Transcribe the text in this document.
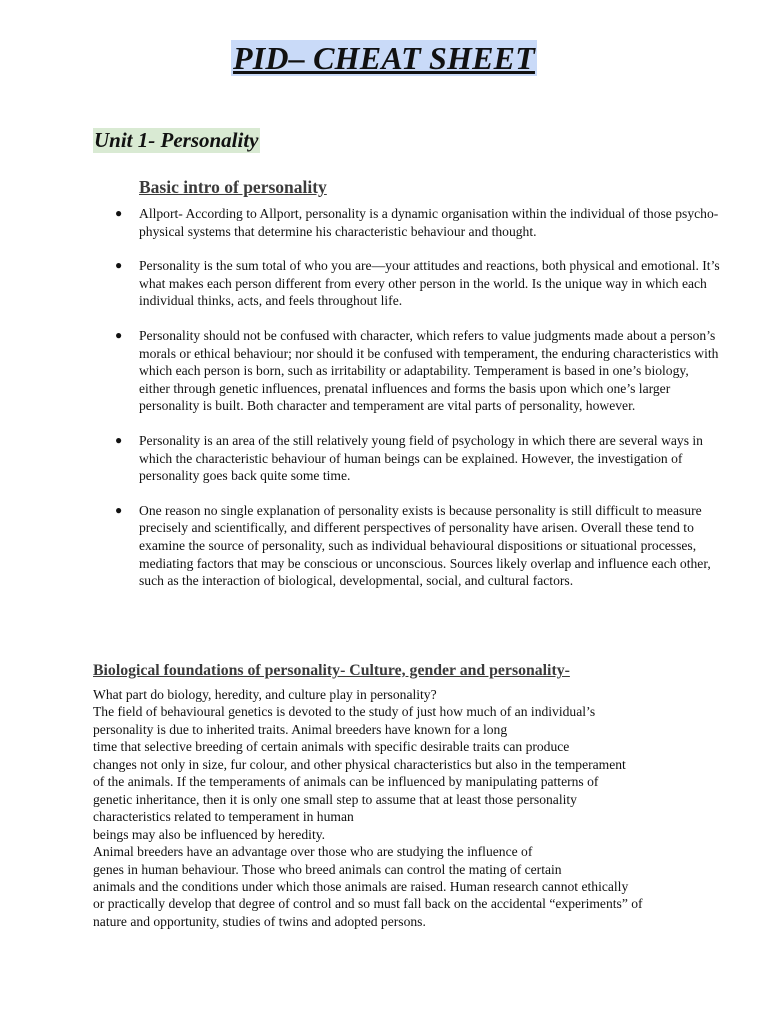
PID– CHEAT SHEET
Unit 1- Personality
Basic intro of personality
● Allport- According to Allport, personality is a dynamic organisation within the individual of those psycho-physical systems that determine his characteristic behaviour and thought.
● Personality is the sum total of who you are—your attitudes and reactions, both physical and emotional. It’s what makes each person different from every other person in the world. Is the unique way in which each individual thinks, acts, and feels throughout life.
● Personality should not be confused with character, which refers to value judgments made about a person’s morals or ethical behaviour; nor should it be confused with temperament, the enduring characteristics with which each person is born, such as irritability or adaptability. Temperament is based in one’s biology, either through genetic influences, prenatal influences and forms the basis upon which one’s larger personality is built. Both character and temperament are vital parts of personality, however.
● Personality is an area of the still relatively young field of psychology in which there are several ways in which the characteristic behaviour of human beings can be explained. However, the investigation of personality goes back quite some time.
● One reason no single explanation of personality exists is because personality is still difficult to measure precisely and scientifically, and different perspectives of personality have arisen. Overall these tend to examine the source of personality, such as individual behavioural dispositions or situational processes, mediating factors that may be conscious or unconscious. Sources likely overlap and influence each other, such as the interaction of biological, developmental, social, and cultural factors.
Biological foundations of personality- Culture, gender and personality-
What part do biology, heredity, and culture play in personality?
The field of behavioural genetics is devoted to the study of just how much of an individual’s
personality is due to inherited traits. Animal breeders have known for a long
time that selective breeding of certain animals with specific desirable traits can produce
changes not only in size, fur colour, and other physical characteristics but also in the temperament
of the animals. If the temperaments of animals can be influenced by manipulating patterns of
genetic inheritance, then it is only one small step to assume that at least those personality
characteristics related to temperament in human
beings may also be influenced by heredity.
Animal breeders have an advantage over those who are studying the influence of
genes in human behaviour. Those who breed animals can control the mating of certain
animals and the conditions under which those animals are raised. Human research cannot ethically
or practically develop that degree of control and so must fall back on the accidental “experiments” of
nature and opportunity, studies of twins and adopted persons.
